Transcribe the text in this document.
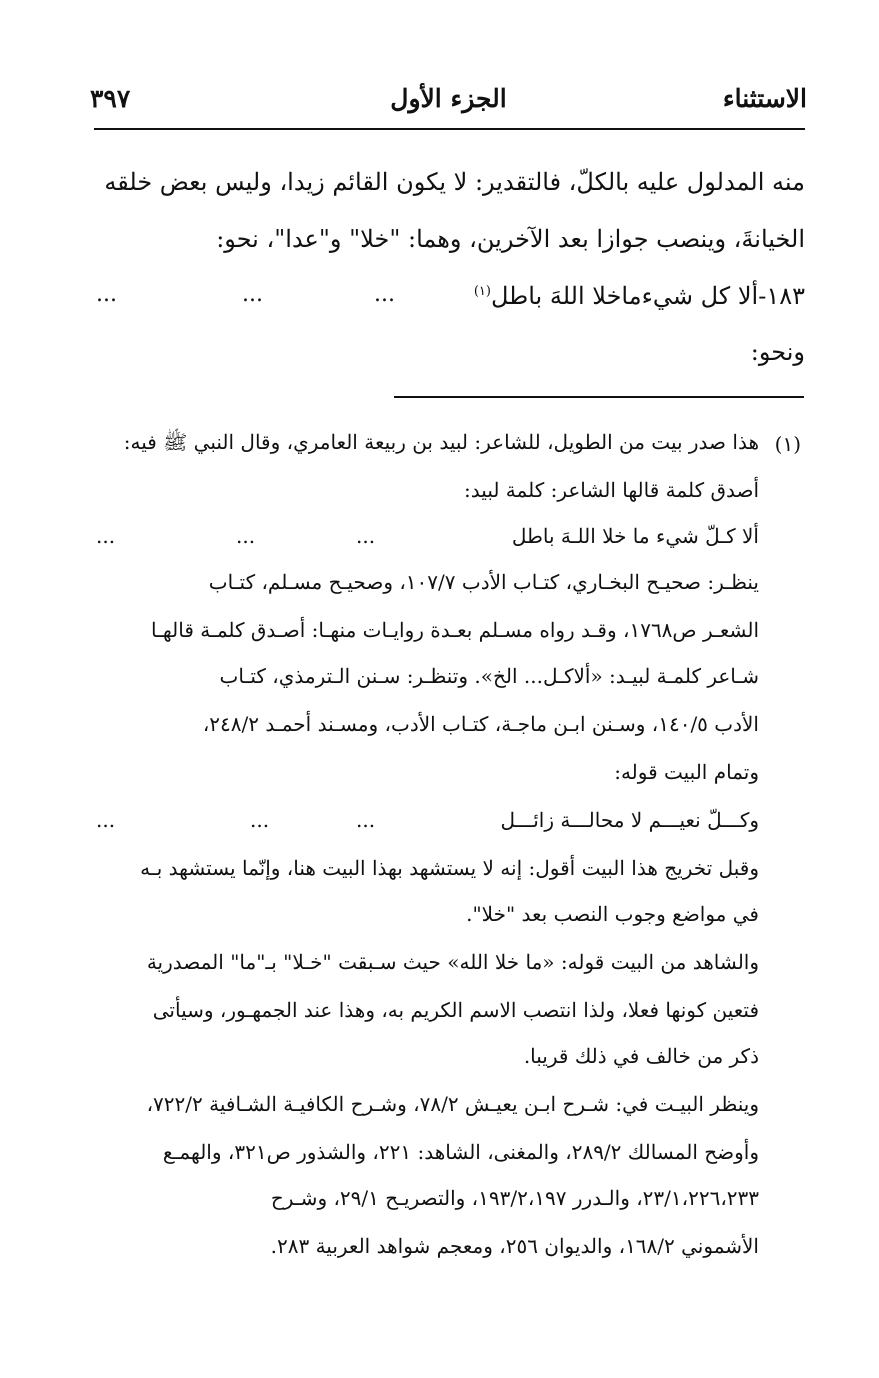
الاستثناء
الجزء الأول
٣٩٧
منه المدلول عليه بالكلّ، فالتقدير: لا يكون القائم زيدا، وليس بعض خلقه
الخيانةَ، وينصب جوازا بعد الآخرين، وهما: "خلا" و"عدا"، نحو:
١٨٣-ألا كل شيءماخلا اللهَ باطل$^{(١)}$
...	...	...
ونحو:
(١)
هذا صدر بيت من الطويل، للشاعر: لبيد بن ربيعة العامري، وقال النبي ﷺ فيه:
أصدق كلمة قالها الشاعر: كلمة لبيد:
ألا كـلّ شيء ما خلا اللـهَ باطل
...	...	...
ينظـر: صحيـح البخـاري، كتـاب الأدب ١٠٧/٧، وصحيـح مسـلم، كتـاب
الشعـر ص١٧٦٨، وقـد رواه مسـلم بعـدة روايـات منهـا: أصـدق كلمـة قالهـا
شـاعر كلمـة لبيـد: «ألاكـل... الخ». وتنظـر: سـنن الـترمذي، كتـاب
الأدب ١٤٠/٥، وسـنن ابـن ماجـة، كتـاب الأدب، ومسـند أحمـد ٢٤٨/٢،
وتمام البيت قوله:
...	...	...	وكـــلّ نعيـــم لا محالـــة زائـــل
وقبل تخريج هذا البيت أقول: إنه لا يستشهد بهذا البيت هنا، وإنّما يستشهد بـه
في مواضع وجوب النصب بعد "خلا".
والشاهد من البيت قوله: «ما خلا الله» حيث سـبقت "خـلا" بـ"ما" المصدرية
فتعين كونها فعلا، ولذا انتصب الاسم الكريم به، وهذا عند الجمهـور، وسيأتى
ذكر من خالف في ذلك قريبا.
وينظر البيـت في: شـرح ابـن يعيـش ٧٨/٢، وشـرح الكافيـة الشـافية ٧٢٢/٢،
وأوضح المسالك ٢٨٩/٢، والمغنى، الشاهد: ٢٢١، والشذور ص٣٢١، والهمـع
٢٣/١،٢٢٦،٢٣٣، والـدرر ١٩٣/٢،١٩٧، والتصريـح ٢٩/١، وشـرح
الأشموني ١٦٨/٢، والديوان ٢٥٦، ومعجم شواهد العربية ٢٨٣.
